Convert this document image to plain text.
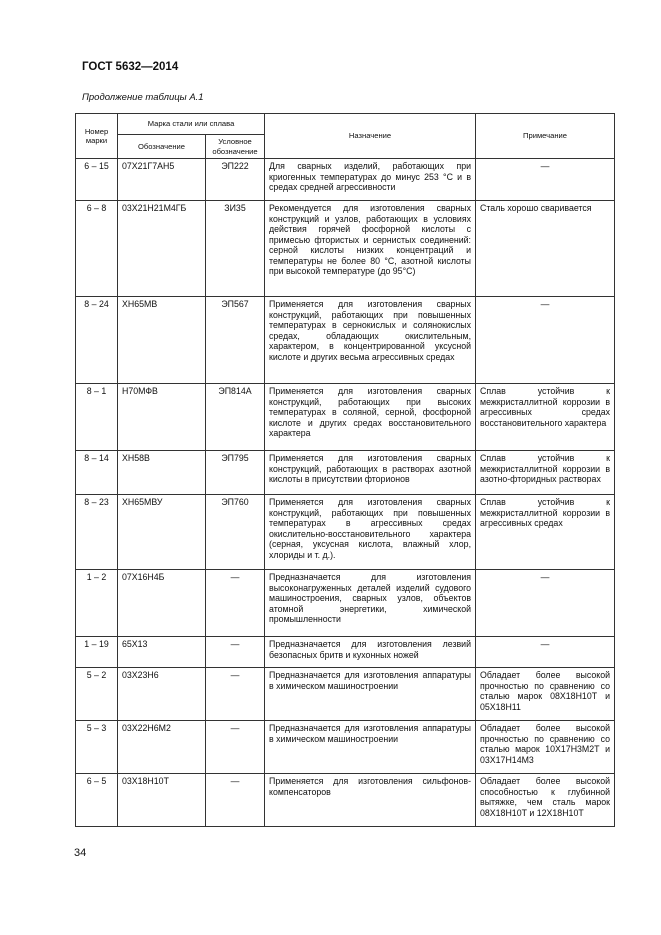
ГОСТ 5632—2014
Продолжение таблицы А.1
Номер марки	Марка стали или сплава		Назначение	Примечание
	Обозначение	Условное обозначение		
6 – 15	07Х21Г7АН5	ЭП222	Для сварных изделий, работающих при криогенных температурах до минус 253 °С и в средах средней агрессивности	—
6 – 8	03Х21Н21М4ГБ	ЗИ35	Рекомендуется для изготовления сварных конструкций и узлов, работающих в условиях действия горячей фосфорной кислоты с примесью фтористых и сернистых соединений: серной кислоты низких концентраций и температуры не более 80 °С, азотной кислоты при высокой температуре (до 95°С)	Сталь хорошо сваривается
8 – 24	ХН65МВ	ЭП567	Применяется для изготовления сварных конструкций, работающих при повышенных температурах в сернокислых и солянокислых средах, обладающих окислительным, характером, в концентрированной уксусной кислоте и других весьма агрессивных средах	—
8 – 1	Н70МФВ	ЭП814А	Применяется для изготовления сварных конструкций, работающих при высоких температурах в соляной, серной, фосфорной кислоте и других средах восстановительного характера	Сплав устойчив к межкристаллитной коррозии в агрессивных средах восстановительного характера
8 – 14	ХН58В	ЭП795	Применяется для изготовления сварных конструкций, работающих в растворах азотной кислоты в присутствии фторионов	Сплав устойчив к межкристаллитной коррозии в азотно-фторидных растворах
8 – 23	ХН65МВУ	ЭП760	Применяется для изготовления сварных конструкций, работающих при повышенных температурах в агрессивных средах окислительно-восстановительного характера (серная, уксусная кислота, влажный хлор, хлориды и т. д.).	Сплав устойчив к межкристаллитной коррозии в агрессивных средах
1 – 2	07Х16Н4Б	—	Предназначается для изготовления высоконагруженных деталей изделий судового машиностроения, сварных узлов, объектов атомной энергетики, химической промышленности	—
1 – 19	65Х13	—	Предназначается для изготовления лезвий безопасных бритв и кухонных ножей	—
5 – 2	03Х23Н6	—	Предназначается для изготовления аппаратуры в химическом машиностроении	Обладает более высокой прочностью по сравнению со сталью марок 08Х18Н10Т и 05Х18Н11
5 – 3	03Х22Н6М2	—	Предназначается для изготовления аппаратуры в химическом машиностроении	Обладает более высокой прочностью по сравнению со сталью марок 10Х17Н3М2Т и 03Х17Н14М3
6 – 5	03Х18Н10Т	—	Применяется для изготовления сильфонов-компенсаторов	Обладает более высокой способностью к глубинной вытяжке, чем сталь марок 08Х18Н10Т и 12Х18Н10Т
34
